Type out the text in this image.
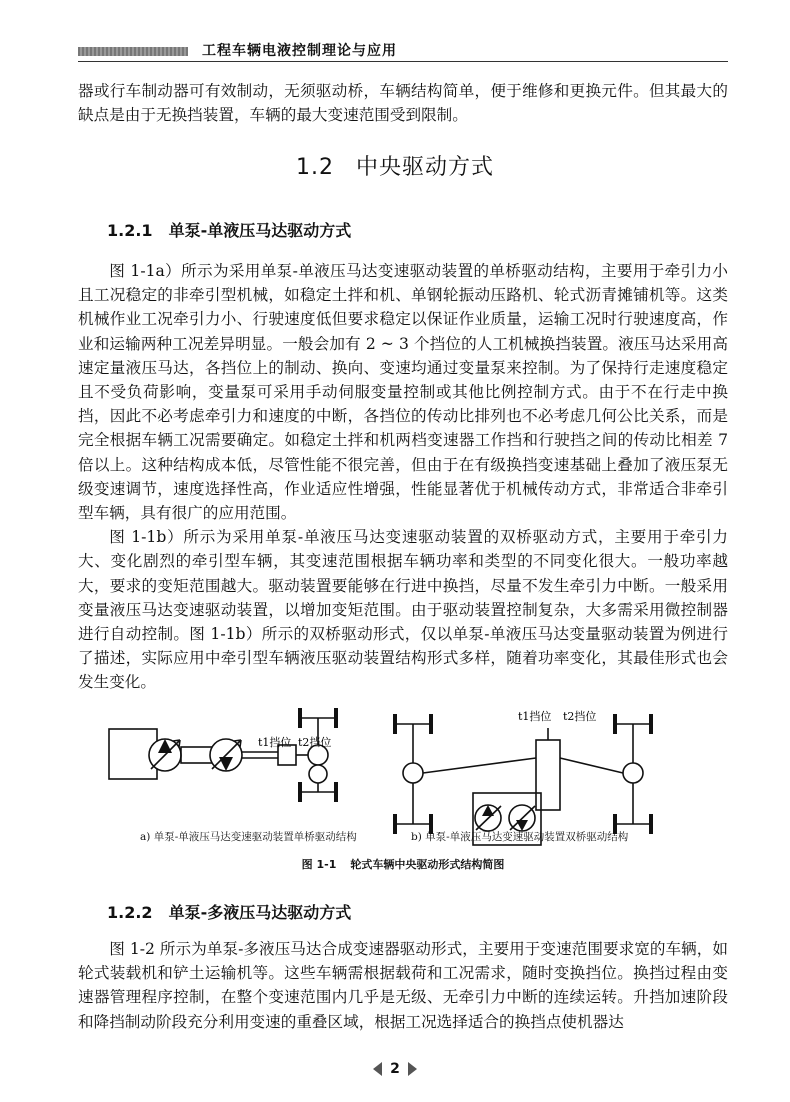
工程车辆电液控制理论与应用

器或行车制动器可有效制动，无须驱动桥，车辆结构简单，便于维修和更换元件。但其最大的缺点是由于无换挡装置，车辆的最大变速范围受到限制。

1.2 中央驱动方式
1.2.1 单泵-单液压马达驱动方式

图 1-1a）所示为采用单泵-单液压马达变速驱动装置的单桥驱动结构，主要用于牵引力小且工况稳定的非牵引型机械，如稳定土拌和机、单钢轮振动压路机、轮式沥青摊铺机等。这类机械作业工况牵引力小、行驶速度低但要求稳定以保证作业质量，运输工况时行驶速度高，作业和运输两种工况差异明显。一般会加有 2 ~ 3 个挡位的人工机械换挡装置。液压马达采用高速定量液压马达，各挡位上的制动、换向、变速均通过变量泵来控制。为了保持行走速度稳定且不受负荷影响，变量泵可采用手动伺服变量控制或其他比例控制方式。由于不在行走中换挡，因此不必考虑牵引力和速度的中断，各挡位的传动比排列也不必考虑几何公比关系，而是完全根据车辆工况需要确定。如稳定土拌和机两档变速器工作挡和行驶挡之间的传动比相差 7 倍以上。这种结构成本低，尽管性能不很完善，但由于在有级换挡变速基础上叠加了液压泵无级变速调节，速度选择性高，作业适应性增强，性能显著优于机械传动方式，非常适合非牵引型车辆，具有很广的应用范围。

图 1-1b）所示为采用单泵-单液压马达变速驱动装置的双桥驱动方式，主要用于牵引力大、变化剧烈的牵引型车辆，其变速范围根据车辆功率和类型的不同变化很大。一般功率越大，要求的变矩范围越大。驱动装置要能够在行进中换挡，尽量不发生牵引力中断。一般采用变量液压马达变速驱动装置，以增加变矩范围。由于驱动装置控制复杂，大多需采用微控制器进行自动控制。图 1-1b）所示的双桥驱动形式，仅以单泵-单液压马达变量驱动装置为例进行了描述，实际应用中牵引型车辆液压驱动装置结构形式多样，随着功率变化，其最佳形式也会发生变化。

t1挡位 t2挡位
t1挡位 t2挡位
a) 单泵-单液压马达变速驱动装置单桥驱动结构	b) 单泵-单液压马达变速驱动装置双桥驱动结构
图 1-1 轮式车辆中央驱动形式结构简图
1.2.2 单泵-多液压马达驱动方式

图 1-2 所示为单泵-多液压马达合成变速器驱动形式，主要用于变速范围要求宽的车辆，如轮式装载机和铲土运输机等。这些车辆需根据载荷和工况需求，随时变换挡位。换挡过程由变速器管理程序控制，在整个变速范围内几乎是无级、无牵引力中断的连续运转。升挡加速阶段和降挡制动阶段充分利用变速的重叠区域，根据工况选择适合的换挡点使机器达

2
